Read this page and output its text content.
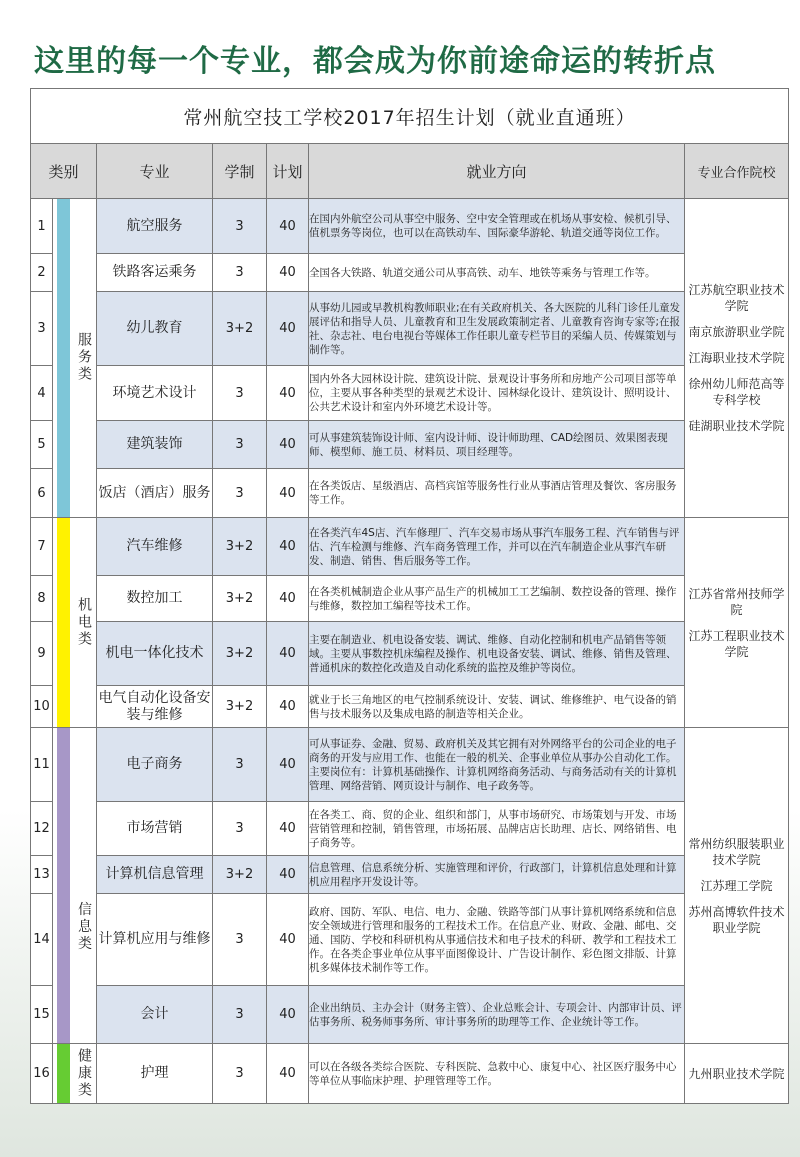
这里的每一个专业，都会成为你前途命运的转折点
常州航空技工学校2017年招生计划（就业直通班）						
类别		专业	学制	计划	就业方向	专业合作院校
1	服务类	航空服务	3	40	在国内外航空公司从事空中服务、空中安全管理或在机场从事安检、候机引导、值机票务等岗位，也可以在高铁动车、国际豪华游轮、轨道交通等岗位工作。	江苏航空职业技术学院
南京旅游职业学院
江海职业技术学院
徐州幼儿师范高等专科学校
硅湖职业技术学院

2		铁路客运乘务	3	40	全国各大铁路、轨道交通公司从事高铁、动车、地铁等乘务与管理工作等。	
3		幼儿教育	3+2	40	从事幼儿园或早教机构教师职业;在有关政府机关、各大医院的儿科门诊任儿童发展评估和指导人员、儿童教育和卫生发展政策制定者、儿童教育咨询专家等;在报社、杂志社、电台电视台等媒体工作任职儿童专栏节目的采编人员、传媒策划与制作等。	
4		环境艺术设计	3	40	国内外各大园林设计院、建筑设计院、景观设计事务所和房地产公司项目部等单位，主要从事各种类型的景观艺术设计、园林绿化设计、建筑设计、照明设计、公共艺术设计和室内外环境艺术设计等。	
5		建筑装饰	3	40	可从事建筑装饰设计师、室内设计师、设计师助理、CAD绘图员、效果图表现师、模型师、施工员、材料员、项目经理等。	
6		饭店（酒店）服务	3	40	在各类饭店、星级酒店、高档宾馆等服务性行业从事酒店管理及餐饮、客房服务等工作。	
7	机电类	汽车维修	3+2	40	在各类汽车4S店、汽车修理厂、汽车交易市场从事汽车服务工程、汽车销售与评估、汽车检测与维修、汽车商务管理工作，并可以在汽车制造企业从事汽车研发、制造、销售、售后服务等工作。	江苏省常州技师学院
江苏工程职业技术学院

8		数控加工	3+2	40	在各类机械制造企业从事产品生产的机械加工工艺编制、数控设备的管理、操作与维修，数控加工编程等技术工作。	
9		机电一体化技术	3+2	40	主要在制造业、机电设备安装、调试、维修、自动化控制和机电产品销售等领域。主要从事数控机床编程及操作、机电设备安装、调试、维修、销售及管理、普通机床的数控化改造及自动化系统的监控及维护等岗位。	
10		电气自动化设备安装与维修	3+2	40	就业于长三角地区的电气控制系统设计、安装、调试、维修维护、电气设备的销售与技术服务以及集成电路的制造等相关企业。	
11	信息类	电子商务	3	40	可从事证券、金融、贸易、政府机关及其它拥有对外网络平台的公司企业的电子商务的开发与应用工作、也能在一般的机关、企事业单位从事办公自动化工作。主要岗位有：计算机基础操作、计算机网络商务活动、与商务活动有关的计算机管理、网络营销、网页设计与制作、电子政务等。	常州纺织服装职业技术学院
江苏理工学院
苏州高博软件技术职业学院

12		市场营销	3	40	在各类工、商、贸的企业、组织和部门，从事市场研究、市场策划与开发、市场营销管理和控制，销售管理，市场拓展、品牌店店长助理、店长、网络销售、电子商务等。	
13		计算机信息管理	3+2	40	信息管理、信息系统分析、实施管理和评价，行政部门，计算机信息处理和计算机应用程序开发设计等。	
14		计算机应用与维修	3	40	政府、国防、军队、电信、电力、金融、铁路等部门从事计算机网络系统和信息安全领域进行管理和服务的工程技术工作。在信息产业、财政、金融、邮电、交通、国防、学校和科研机构从事通信技术和电子技术的科研、教学和工程技术工作。在各类企事业单位从事平面图像设计、广告设计制作、彩色图文排版、计算机多媒体技术制作等工作。	
15		会计	3	40	企业出纳员、主办会计（财务主管）、企业总账会计、专项会计、内部审计员、评估事务所、税务师事务所、审计事务所的助理等工作、企业统计等工作。	
16	健康类	护理	3	40	可以在各级各类综合医院、专科医院、急救中心、康复中心、社区医疗服务中心等单位从事临床护理、护理管理等工作。	九州职业技术学院
